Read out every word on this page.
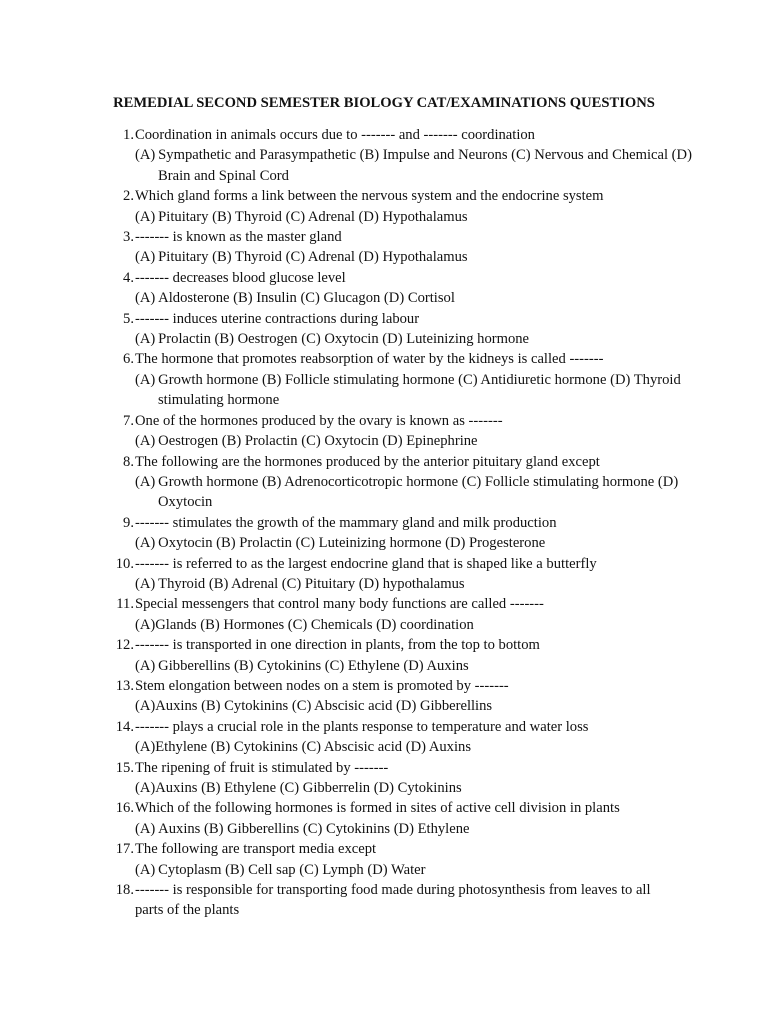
REMEDIAL SECOND SEMESTER BIOLOGY CAT/EXAMINATIONS QUESTIONS
1. Coordination in animals occurs due to ------- and ------- coordination
(A) Sympathetic and Parasympathetic (B) Impulse and Neurons (C) Nervous and Chemical (D) Brain and Spinal Cord
2. Which gland forms a link between the nervous system and the endocrine system
(A) Pituitary (B) Thyroid (C) Adrenal (D) Hypothalamus
3. ------- is known as the master gland
(A) Pituitary (B) Thyroid (C) Adrenal (D) Hypothalamus
4. ------- decreases blood glucose level
(A) Aldosterone (B) Insulin (C) Glucagon (D) Cortisol
5. ------- induces uterine contractions during labour
(A) Prolactin (B) Oestrogen (C) Oxytocin (D) Luteinizing hormone
6. The hormone that promotes reabsorption of water by the kidneys is called -------
(A) Growth hormone (B) Follicle stimulating hormone (C) Antidiuretic hormone (D) Thyroid stimulating hormone
7. One of the hormones produced by the ovary is known as -------
(A) Oestrogen (B) Prolactin (C) Oxytocin (D) Epinephrine
8. The following are the hormones produced by the anterior pituitary gland except
(A) Growth hormone (B) Adrenocorticotropic hormone (C) Follicle stimulating hormone (D) Oxytocin
9. ------- stimulates the growth of the mammary gland and milk production
(A) Oxytocin (B) Prolactin (C) Luteinizing hormone (D) Progesterone
10. ------- is referred to as the largest endocrine gland that is shaped like a butterfly
(A) Thyroid (B) Adrenal (C) Pituitary (D) hypothalamus
11. Special messengers that control many body functions are called -------
(A)Glands (B) Hormones (C) Chemicals (D) coordination
12. ------- is transported in one direction in plants, from the top to bottom
(A) Gibberellins (B) Cytokinins (C) Ethylene (D) Auxins
13. Stem elongation between nodes on a stem is promoted by -------
(A)Auxins (B) Cytokinins (C) Abscisic acid (D) Gibberellins
14. ------- plays a crucial role in the plants response to temperature and water loss
(A)Ethylene (B) Cytokinins (C) Abscisic acid (D) Auxins
15. The ripening of fruit is stimulated by -------
(A)Auxins (B) Ethylene (C) Gibberrelin (D) Cytokinins
16. Which of the following hormones is formed in sites of active cell division in plants
(A) Auxins (B) Gibberellins (C) Cytokinins (D) Ethylene
17. The following are transport media except
(A) Cytoplasm (B) Cell sap (C) Lymph (D) Water
18. ------- is responsible for transporting food made during photosynthesis from leaves to all parts of the plants
